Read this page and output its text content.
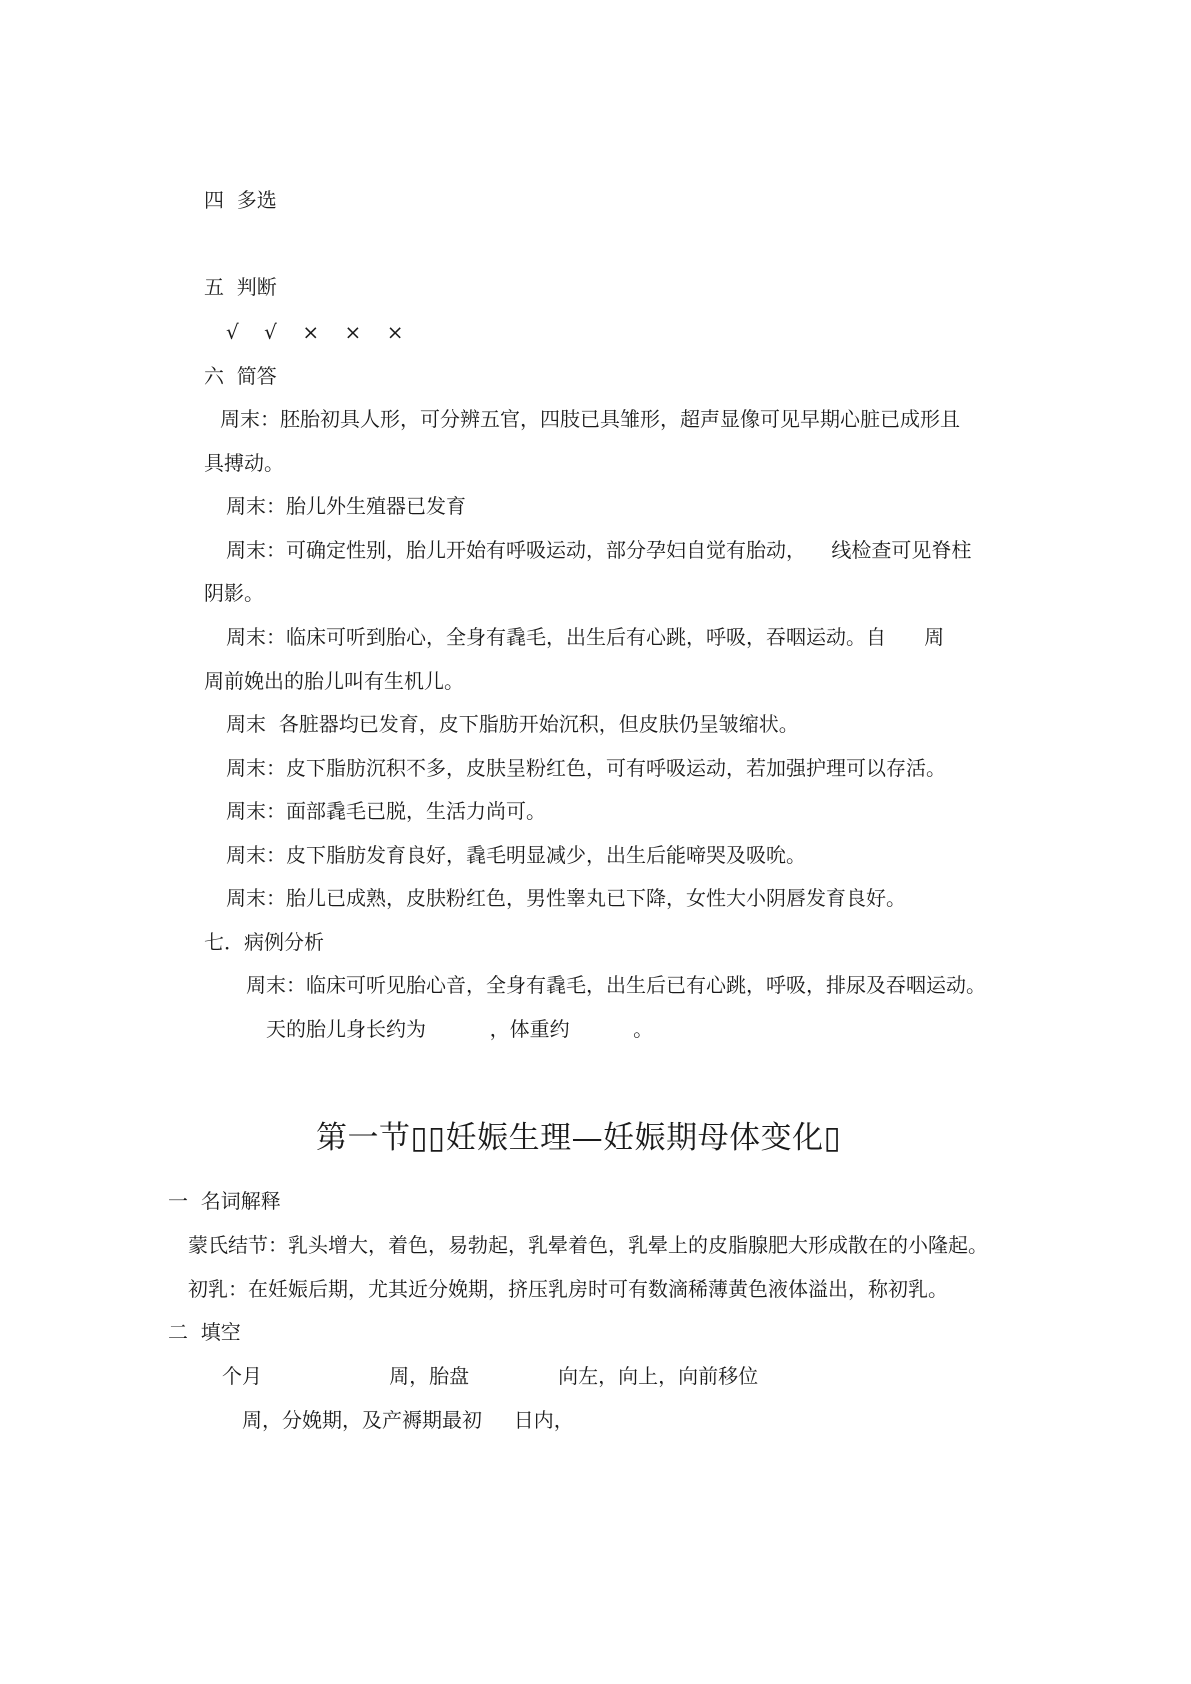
四  多选
五  判断
√    √    ×    ×    ×
六  简答
周末：胚胎初具人形，可分辨五官，四肢已具雏形，超声显像可见早期心脏已成形且
具搏动。
周末：胎儿外生殖器已发育
周末：可确定性别，胎儿开始有呼吸运动，部分孕妇自觉有胎动，    线检查可见脊柱
阴影。
周末：临床可听到胎心，全身有毳毛，出生后有心跳，呼吸，吞咽运动。自      周
周前娩出的胎儿叫有生机儿。
周末  各脏器均已发育，皮下脂肪开始沉积，但皮肤仍呈皱缩状。
周末：皮下脂肪沉积不多，皮肤呈粉红色，可有呼吸运动，若加强护理可以存活。
周末：面部毳毛已脱，生活力尚可。
周末：皮下脂肪发育良好，毳毛明显减少，出生后能啼哭及吸吮。
周末：胎儿已成熟，皮肤粉红色，男性睾丸已下降，女性大小阴唇发育良好。
七．病例分析
周末：临床可听见胎心音，全身有毳毛，出生后已有心跳，呼吸，排尿及吞咽运动。
天的胎儿身长约为          ，体重约          。
第一节▯▯妊娠生理—妊娠期母体变化▯
一  名词解释
蒙氏结节：乳头增大，着色，易勃起，乳晕着色，乳晕上的皮脂腺肥大形成散在的小隆起。
初乳：在妊娠后期，尤其近分娩期，挤压乳房时可有数滴稀薄黄色液体溢出，称初乳。
二  填空
个月                    周，胎盘              向左，向上，向前移位
周，分娩期，及产褥期最初     日内，
